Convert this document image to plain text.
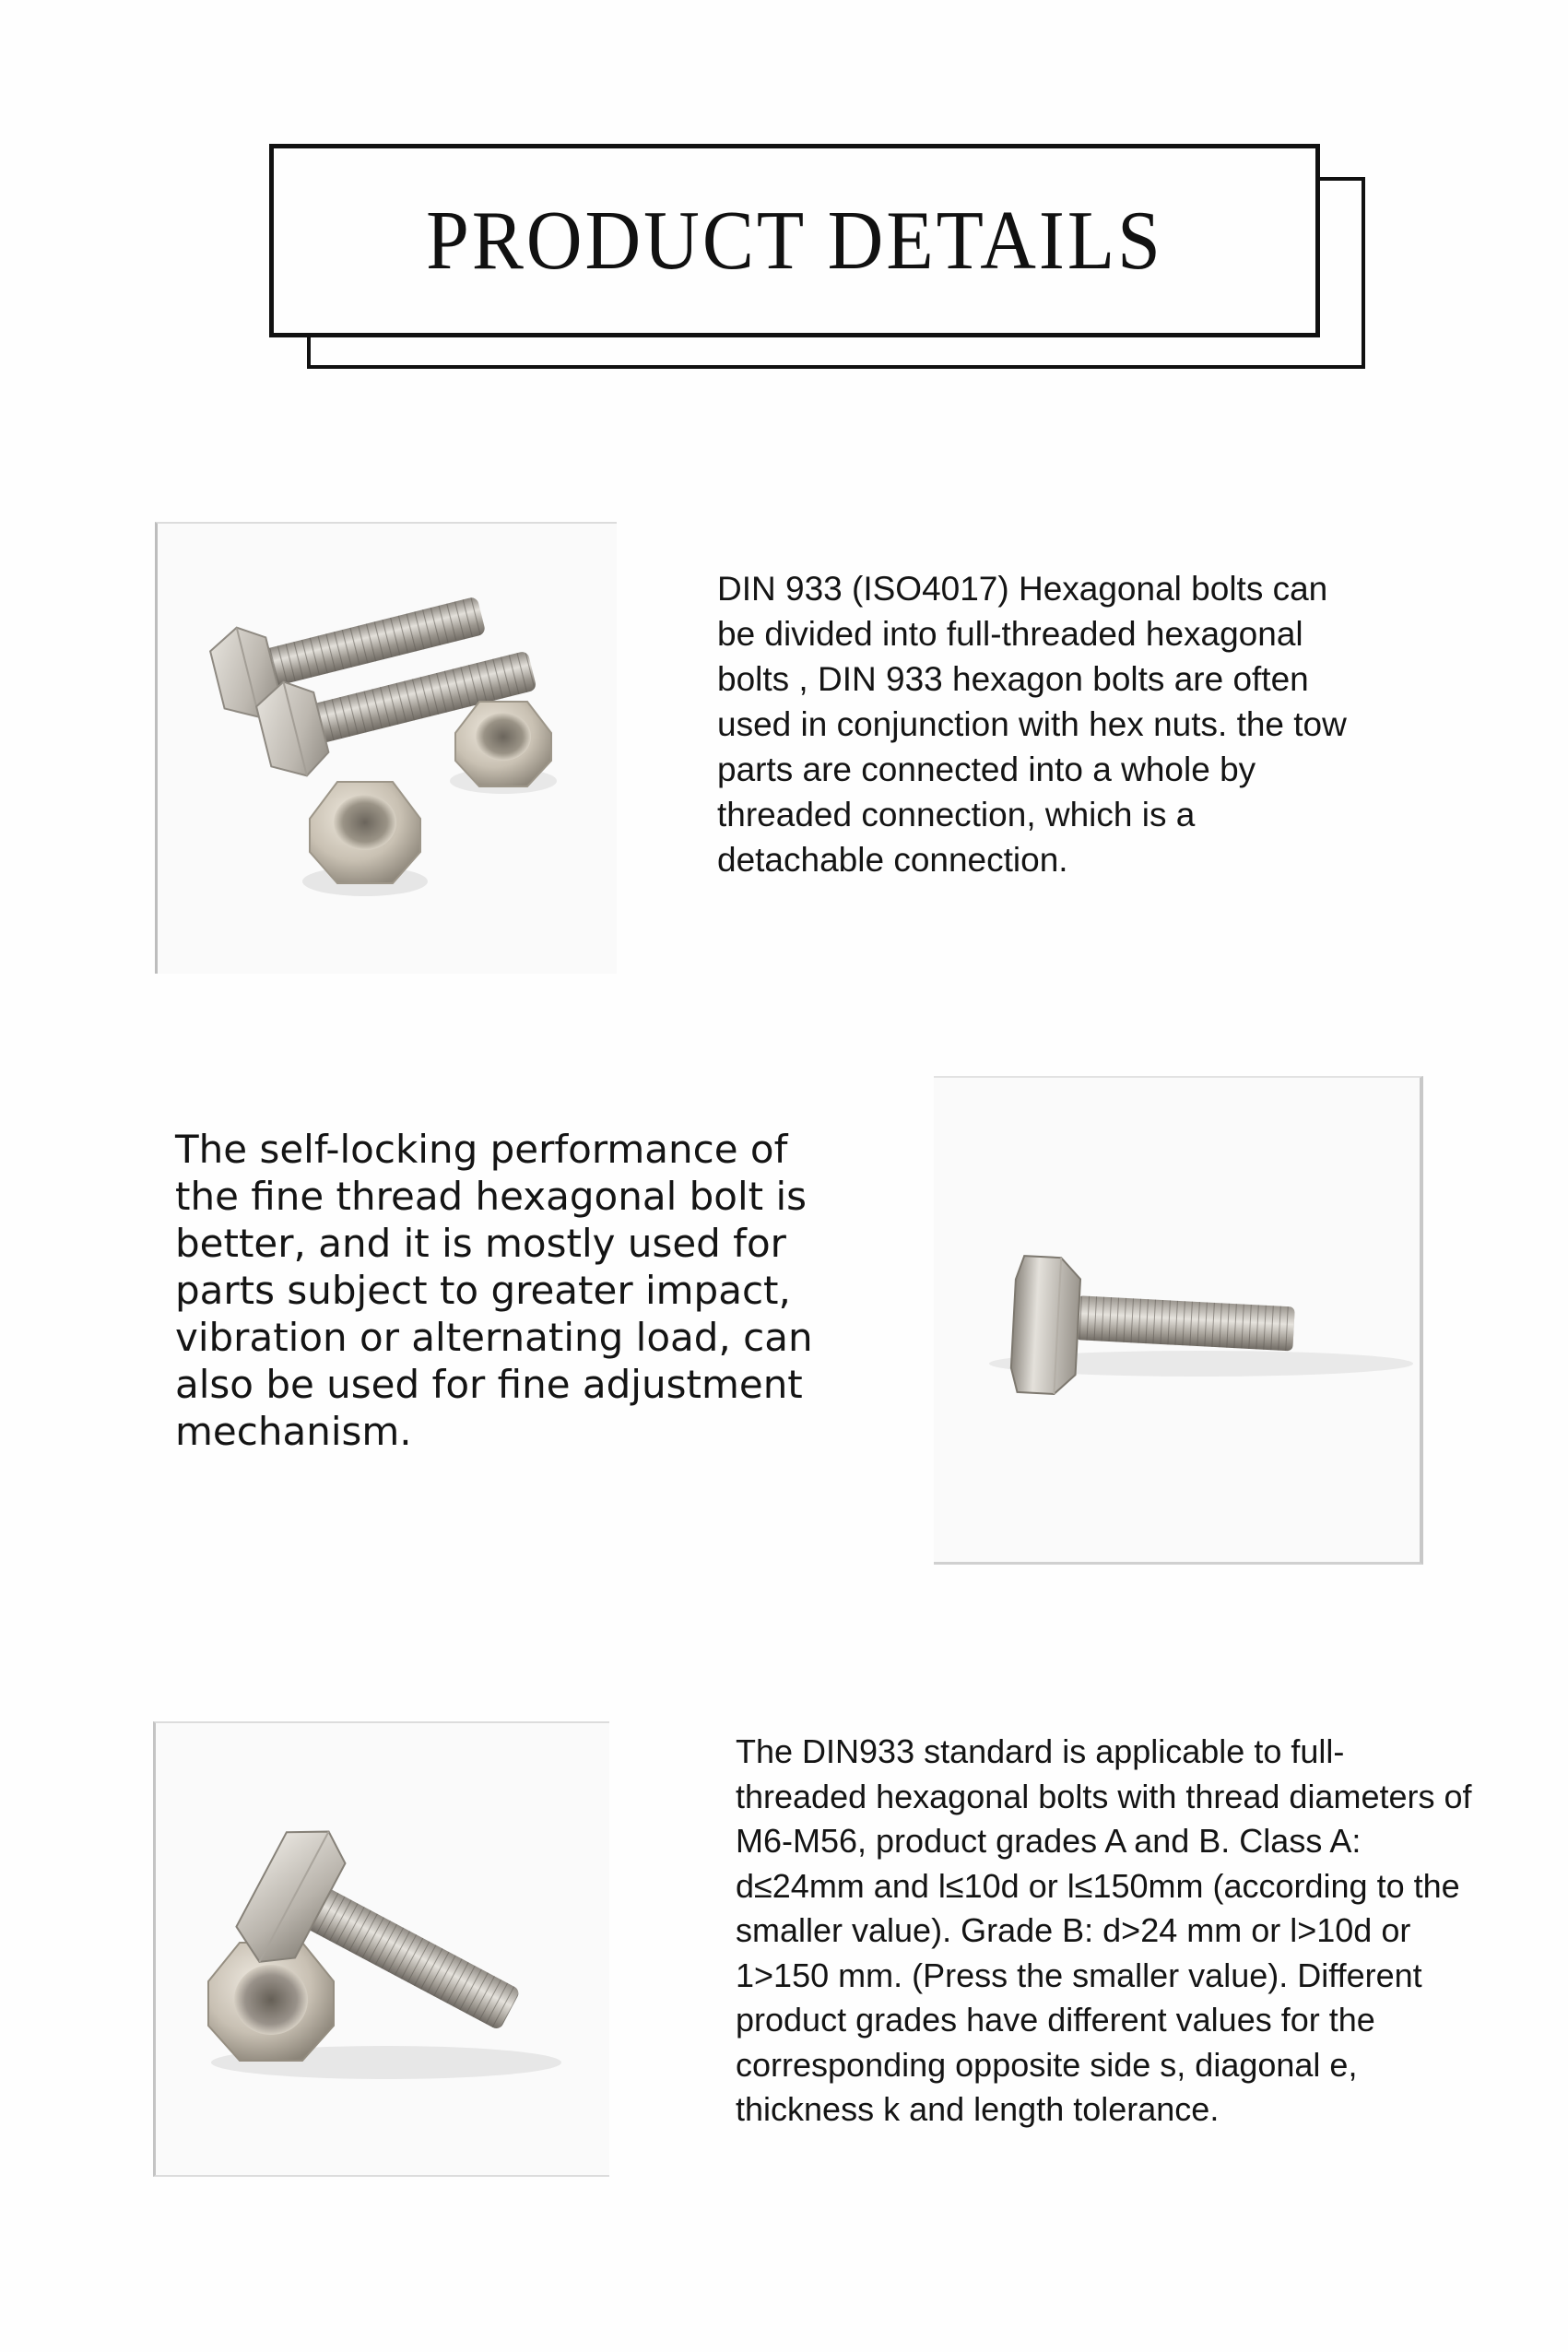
PRODUCT DETAILS

DIN 933 (ISO4017) Hexagonal bolts can be divided into full-threaded hexagonal bolts , DIN 933 hexagon bolts are often used in conjunction with hex nuts. the tow parts are connected into a whole by threaded connection, which is a detachable connection.

The self-locking performance of the fine thread hexagonal bolt is better, and it is mostly used for parts subject to greater impact, vibration or alternating load, can also be used for fine adjustment mechanism.

The DIN933 standard is applicable to full-threaded hexagonal bolts with thread diameters of M6-M56, product grades A and B. Class A: d≤24mm and l≤10d or l≤150mm (according to the smaller value). Grade B: d>24 mm or l>10d or 1>150 mm. (Press the smaller value). Different product grades have different values for the corresponding opposite side s, diagonal e, thickness k and length tolerance.
